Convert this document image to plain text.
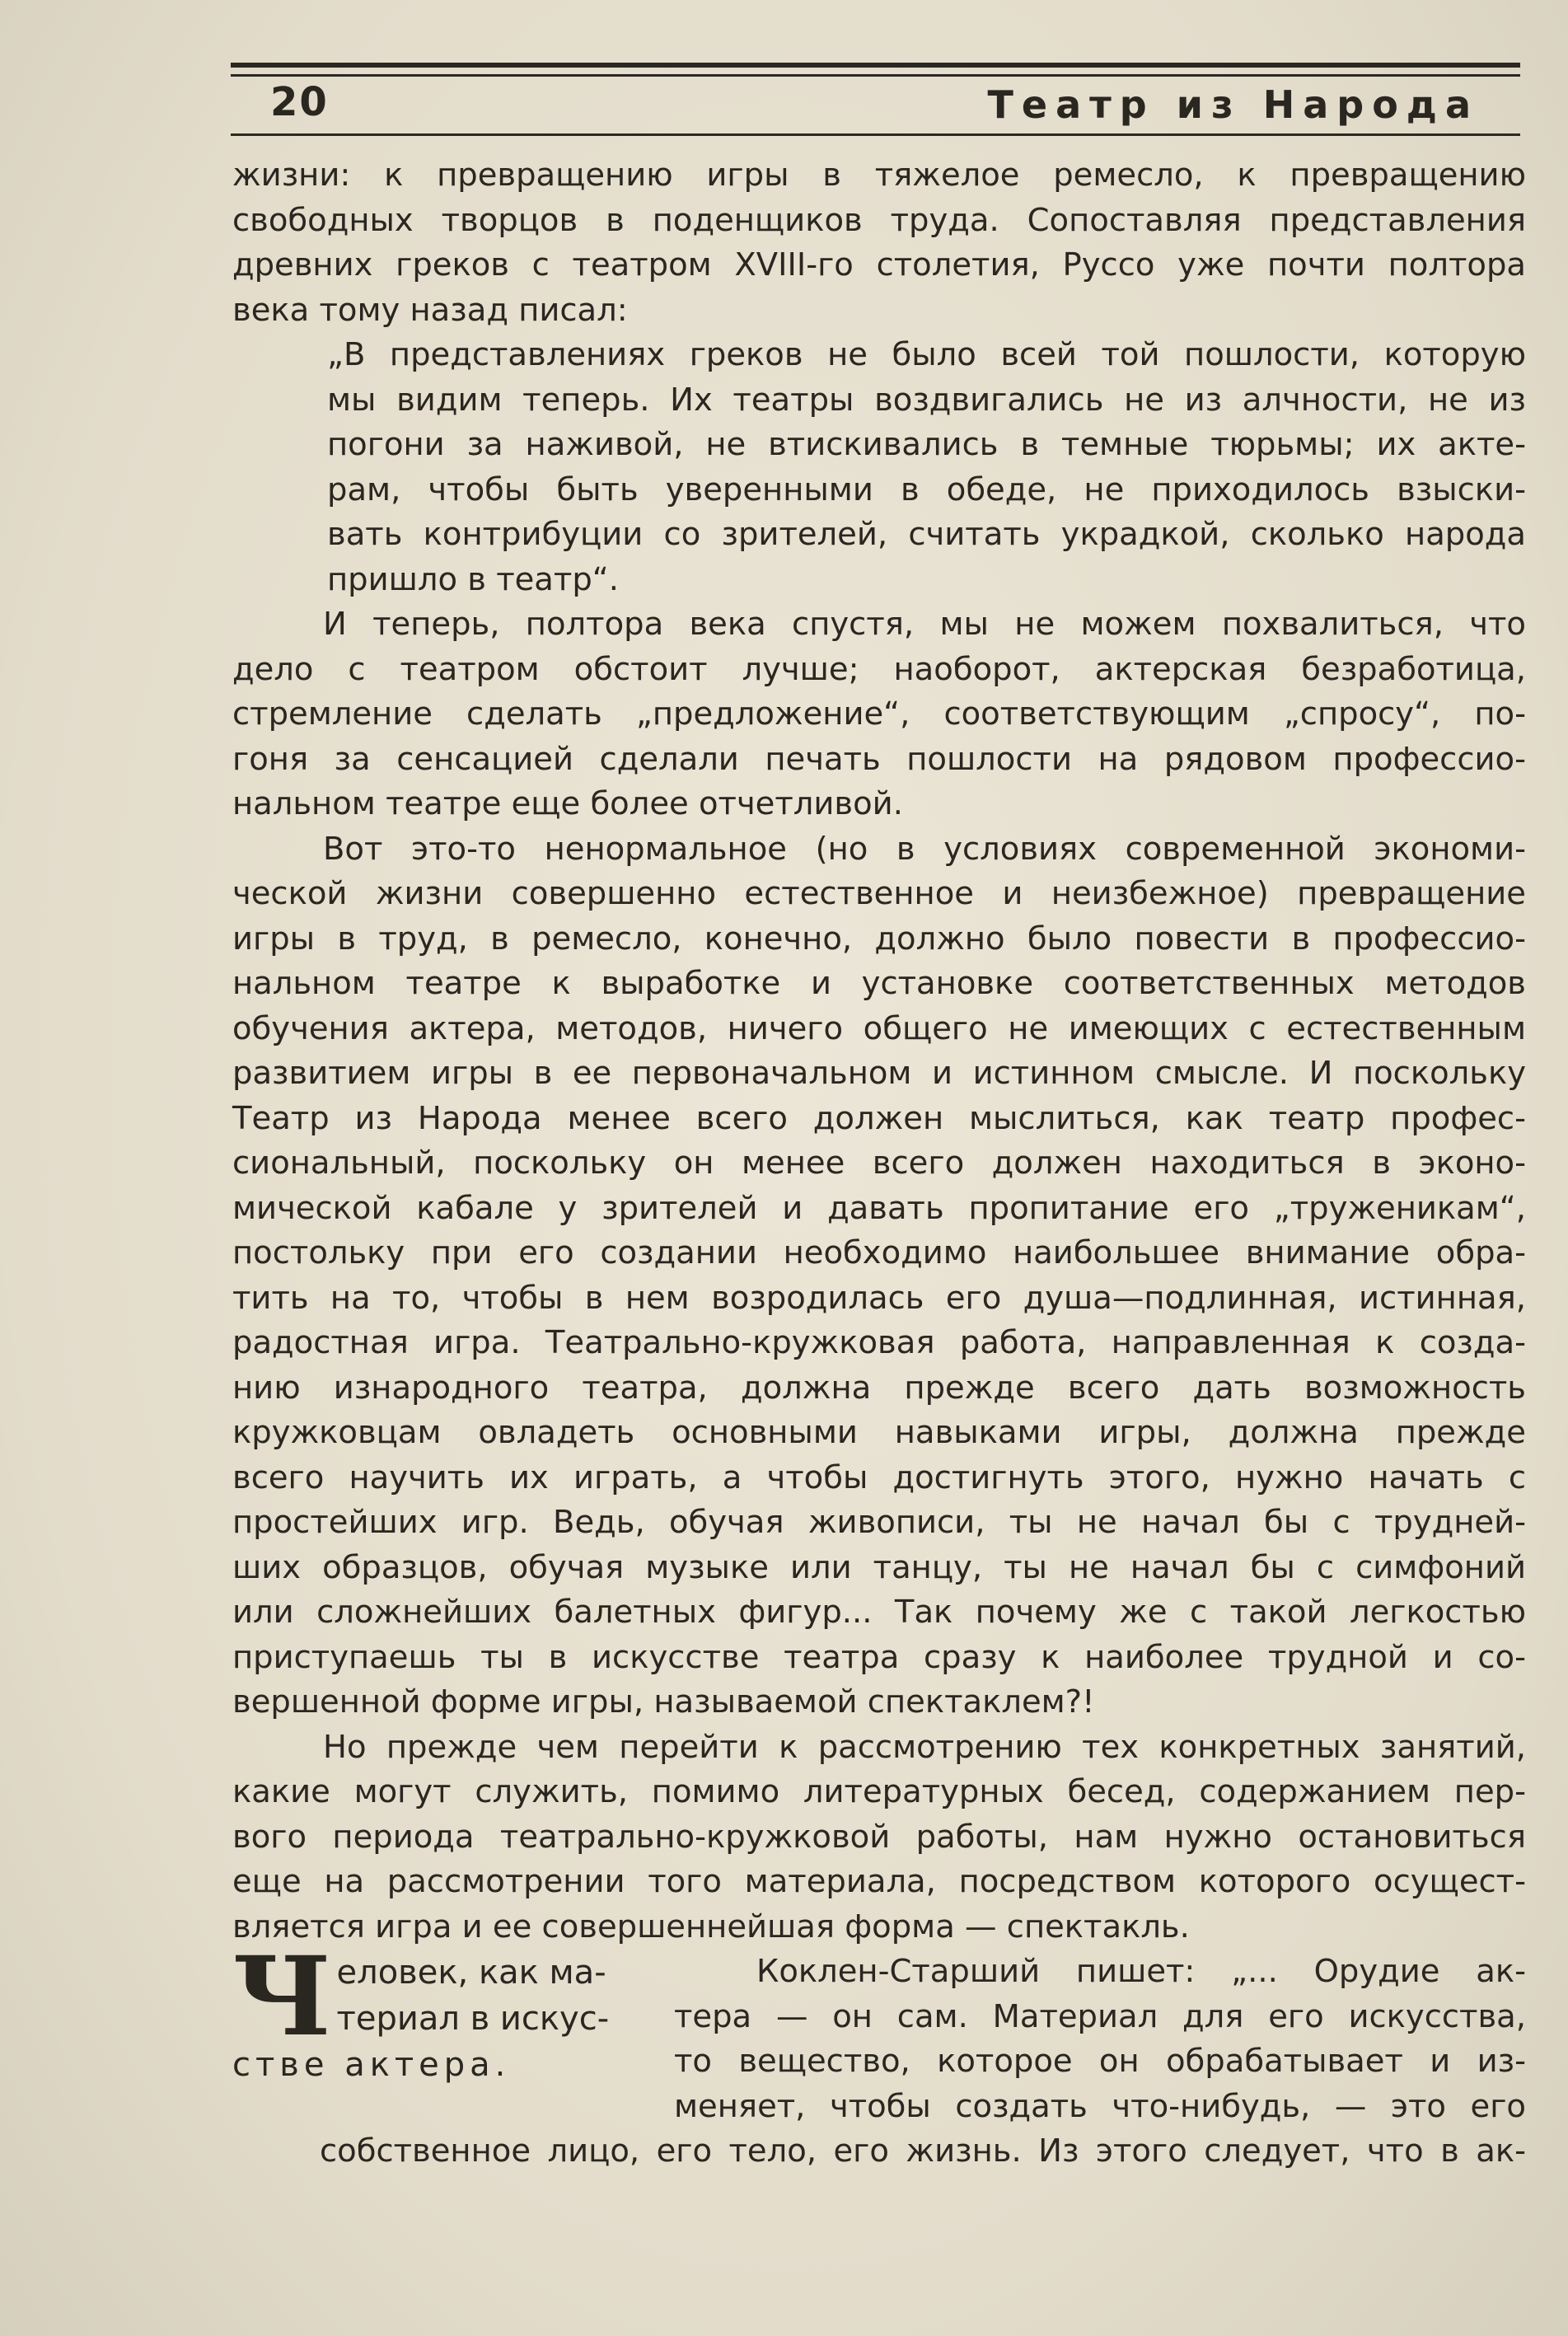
20	Театр из Народа
жизни: к превращению игры в тяжелое ремесло, к превращению
свободных творцов в поденщиков труда. Сопоставляя представления
древних греков с театром XVIII-го столетия, Руссо уже почти полтора
века тому назад писал:
„В представлениях греков не было всей той пошлости, которую
мы видим теперь. Их театры воздвигались не из алчности, не из
погони за наживой, не втискивались в темные тюрьмы; их акте-
рам, чтобы быть уверенными в обеде, не приходилось взыски-
вать контрибуции со зрителей, считать украдкой, сколько народа
пришло в театр“.
И теперь, полтора века спустя, мы не можем похвалиться, что
дело с театром обстоит лучше; наоборот, актерская безработица,
стремление сделать „предложение“, соответствующим „спросу“, по-
гоня за сенсацией сделали печать пошлости на рядовом профессио-
нальном театре еще более отчетливой.
Вот это-то ненормальное (но в условиях современной экономи-
ческой жизни совершенно естественное и неизбежное) превращение
игры в труд, в ремесло, конечно, должно было повести в профессио-
нальном театре к выработке и установке соответственных методов
обучения актера, методов, ничего общего не имеющих с естественным
развитием игры в ее первоначальном и истинном смысле. И поскольку
Театр из Народа менее всего должен мыслиться, как театр профес-
сиональный, поскольку он менее всего должен находиться в эконо-
мической кабале у зрителей и давать пропитание его „труженикам“,
постольку при его создании необходимо наибольшее внимание обра-
тить на то, чтобы в нем возродилась его душа—подлинная, истинная,
радостная игра. Театрально-кружковая работа, направленная к созда-
нию изнародного театра, должна прежде всего дать возможность
кружковцам овладеть основными навыками игры, должна прежде
всего научить их играть, а чтобы достигнуть этого, нужно начать с
простейших игр. Ведь, обучая живописи, ты не начал бы с трудней-
ших образцов, обучая музыке или танцу, ты не начал бы с симфоний
или сложнейших балетных фигур... Так почему же с такой легкостью
приступаешь ты в искусстве театра сразу к наиболее трудной и со-
вершенной форме игры, называемой спектаклем?!
Но прежде чем перейти к рассмотрению тех конкретных занятий,
какие могут служить, помимо литературных бесед, содержанием пер-
вого периода театрально-кружковой работы, нам нужно остановиться
еще на рассмотрении того материала, посредством которого осущест-
вляется игра и ее совершеннейшая форма — спектакль.
Ч еловек, как ма-
териал в искус-
стве актера.
Коклен-Старший пишет: „... Орудие ак-
тера — он сам. Материал для его искусства,
то вещество, которое он обрабатывает и из-
меняет, чтобы создать что-нибудь, — это его
собственное лицо, его тело, его жизнь. Из этого следует, что в ак-
